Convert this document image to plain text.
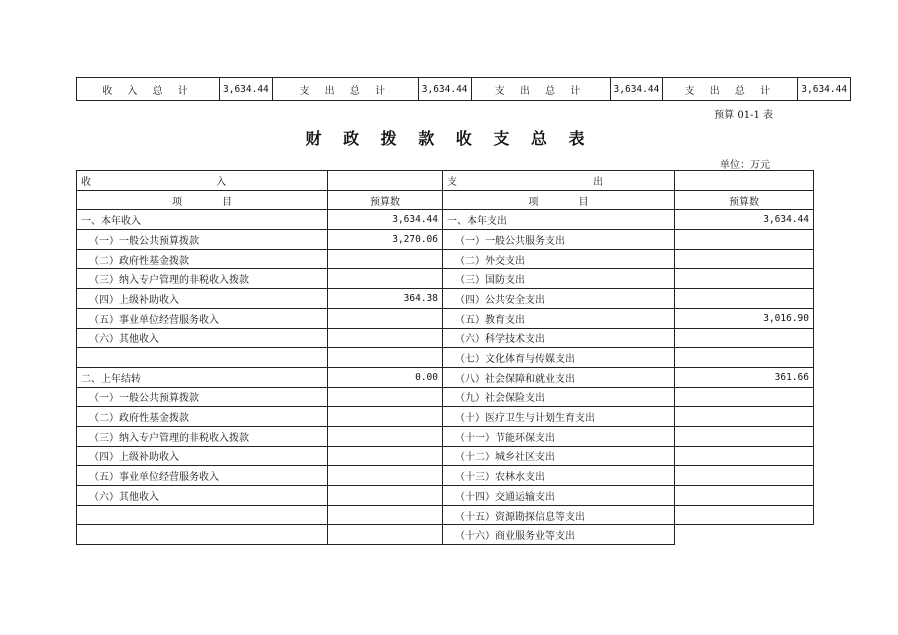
收 入 总 计	3,634.44	支 出 总 计	3,634.44	支 出 总 计	3,634.44	支 出 总 计	3,634.44
预算 01-1 表
财 政 拨 款 收 支 总 表
单位：万元
收 入		支 出	

项　　　　目	预算数	项　　　　目	预算数
一、本年收入	3,634.44	一、本年支出	3,634.44
（一）一般公共预算拨款	3,270.06	（一）一般公共服务支出	
（二）政府性基金拨款		（二）外交支出	
（三）纳入专户管理的非税收入拨款		（三）国防支出	
（四）上级补助收入	364.38	（四）公共安全支出	
（五）事业单位经营服务收入		（五）教育支出	3,016.90
（六）其他收入		（六）科学技术支出	
		（七）文化体育与传媒支出	
二、上年结转	0.00	（八）社会保障和就业支出	361.66
（一）一般公共预算拨款		（九）社会保险支出	
（二）政府性基金拨款		（十）医疗卫生与计划生育支出	
（三）纳入专户管理的非税收入拨款		（十一）节能环保支出	
（四）上级补助收入		（十二）城乡社区支出	
（五）事业单位经营服务收入		（十三）农林水支出	
（六）其他收入		（十四）交通运输支出	
		（十五）资源勘探信息等支出	
		（十六）商业服务业等支出	
